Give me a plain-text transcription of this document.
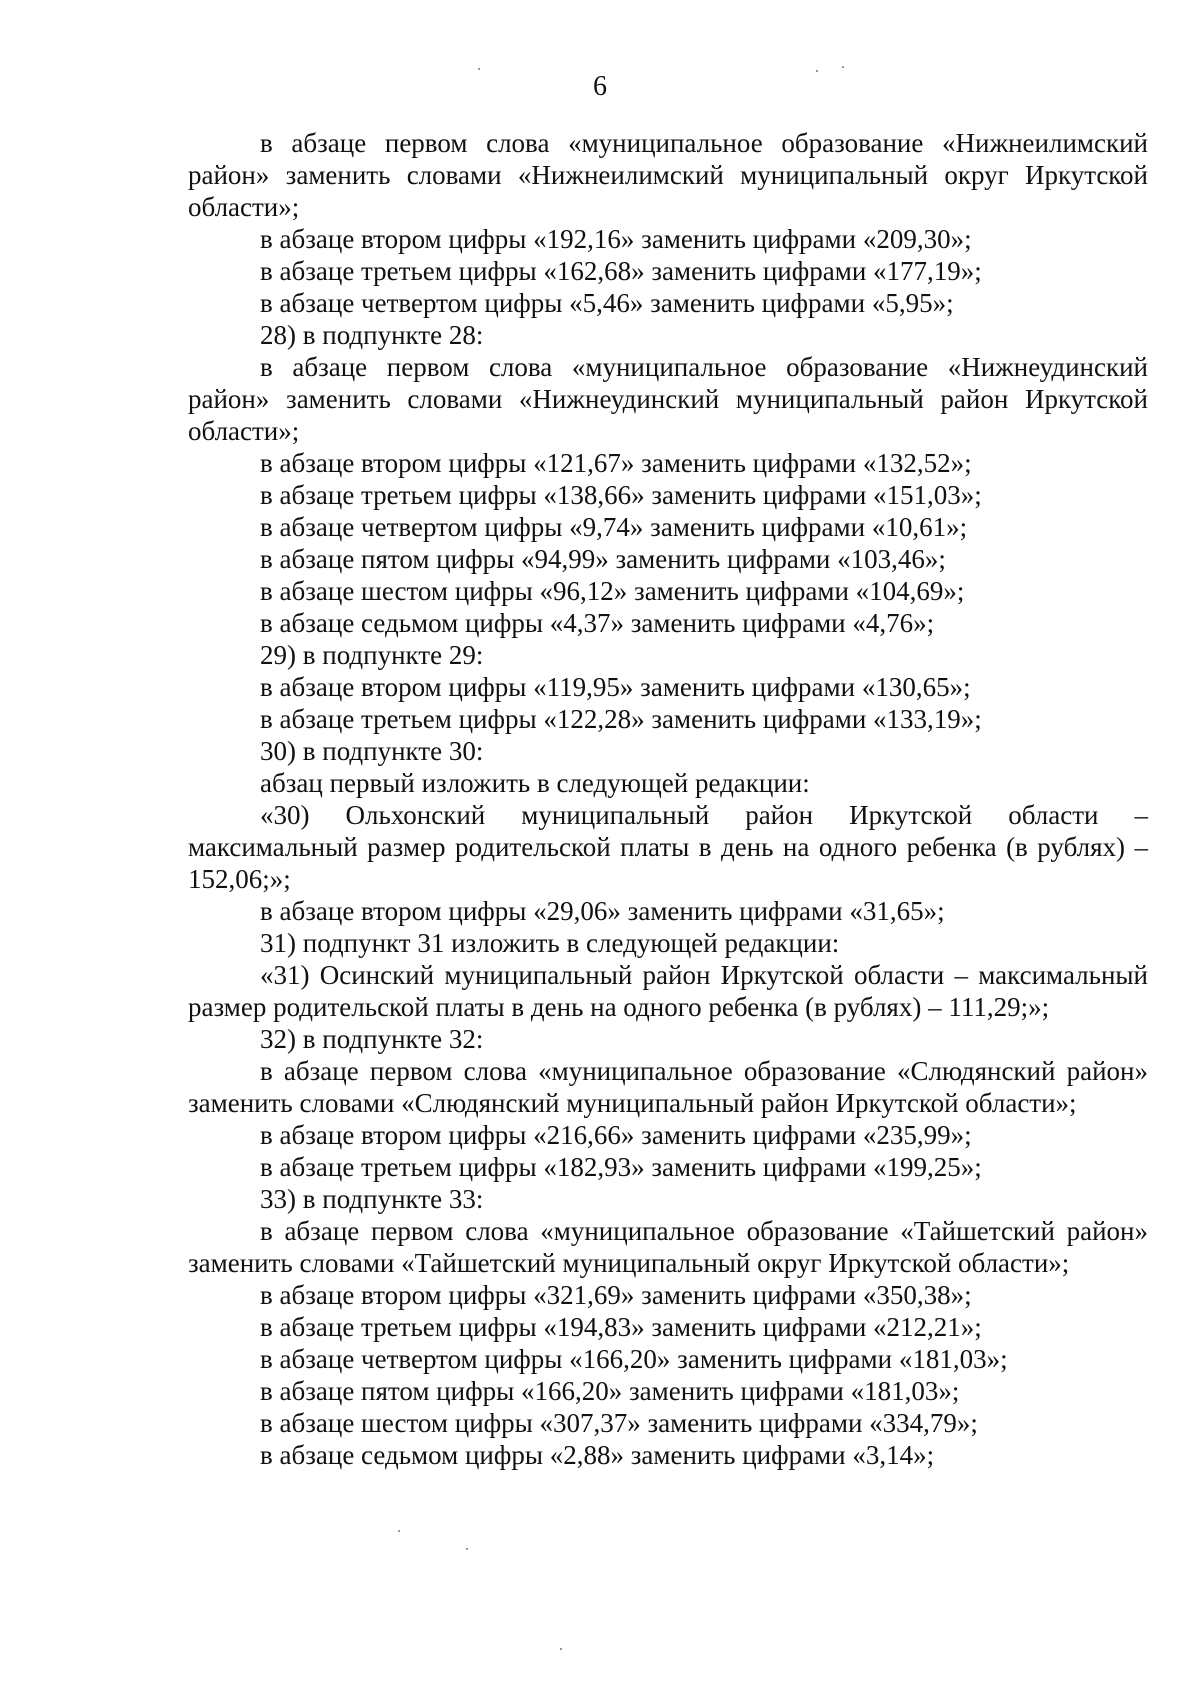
6

в абзаце первом слова «муниципальное образование «Нижнеилимский район» заменить словами «Нижнеилимский муниципальный округ Иркутской области»;

в абзаце втором цифры «192,16» заменить цифрами «209,30»;

в абзаце третьем цифры «162,68» заменить цифрами «177,19»;

в абзаце четвертом цифры «5,46» заменить цифрами «5,95»;

28) в подпункте 28:

в абзаце первом слова «муниципальное образование «Нижнеудинский район» заменить словами «Нижнеудинский муниципальный район Иркутской области»;

в абзаце втором цифры «121,67» заменить цифрами «132,52»;

в абзаце третьем цифры «138,66» заменить цифрами «151,03»;

в абзаце четвертом цифры «9,74» заменить цифрами «10,61»;

в абзаце пятом цифры «94,99» заменить цифрами «103,46»;

в абзаце шестом цифры «96,12» заменить цифрами «104,69»;

в абзаце седьмом цифры «4,37» заменить цифрами «4,76»;

29) в подпункте 29:

в абзаце втором цифры «119,95» заменить цифрами «130,65»;

в абзаце третьем цифры «122,28» заменить цифрами «133,19»;

30) в подпункте 30:

абзац первый изложить в следующей редакции:

«30) Ольхонский муниципальный район Иркутской области – максимальный размер родительской платы в день на одного ребенка (в рублях) – 152,06;»;

в абзаце втором цифры «29,06» заменить цифрами «31,65»;

31) подпункт 31 изложить в следующей редакции:

«31) Осинский муниципальный район Иркутской области – максимальный размер родительской платы в день на одного ребенка (в рублях) – 111,29;»;

32) в подпункте 32:

в абзаце первом слова «муниципальное образование «Слюдянский район» заменить словами «Слюдянский муниципальный район Иркутской области»;

в абзаце втором цифры «216,66» заменить цифрами «235,99»;

в абзаце третьем цифры «182,93» заменить цифрами «199,25»;

33) в подпункте 33:

в абзаце первом слова «муниципальное образование «Тайшетский район» заменить словами «Тайшетский муниципальный округ Иркутской области»;

в абзаце втором цифры «321,69» заменить цифрами «350,38»;

в абзаце третьем цифры «194,83» заменить цифрами «212,21»;

в абзаце четвертом цифры «166,20» заменить цифрами «181,03»;

в абзаце пятом цифры «166,20» заменить цифрами «181,03»;

в абзаце шестом цифры «307,37» заменить цифрами «334,79»;

в абзаце седьмом цифры «2,88» заменить цифрами «3,14»;
